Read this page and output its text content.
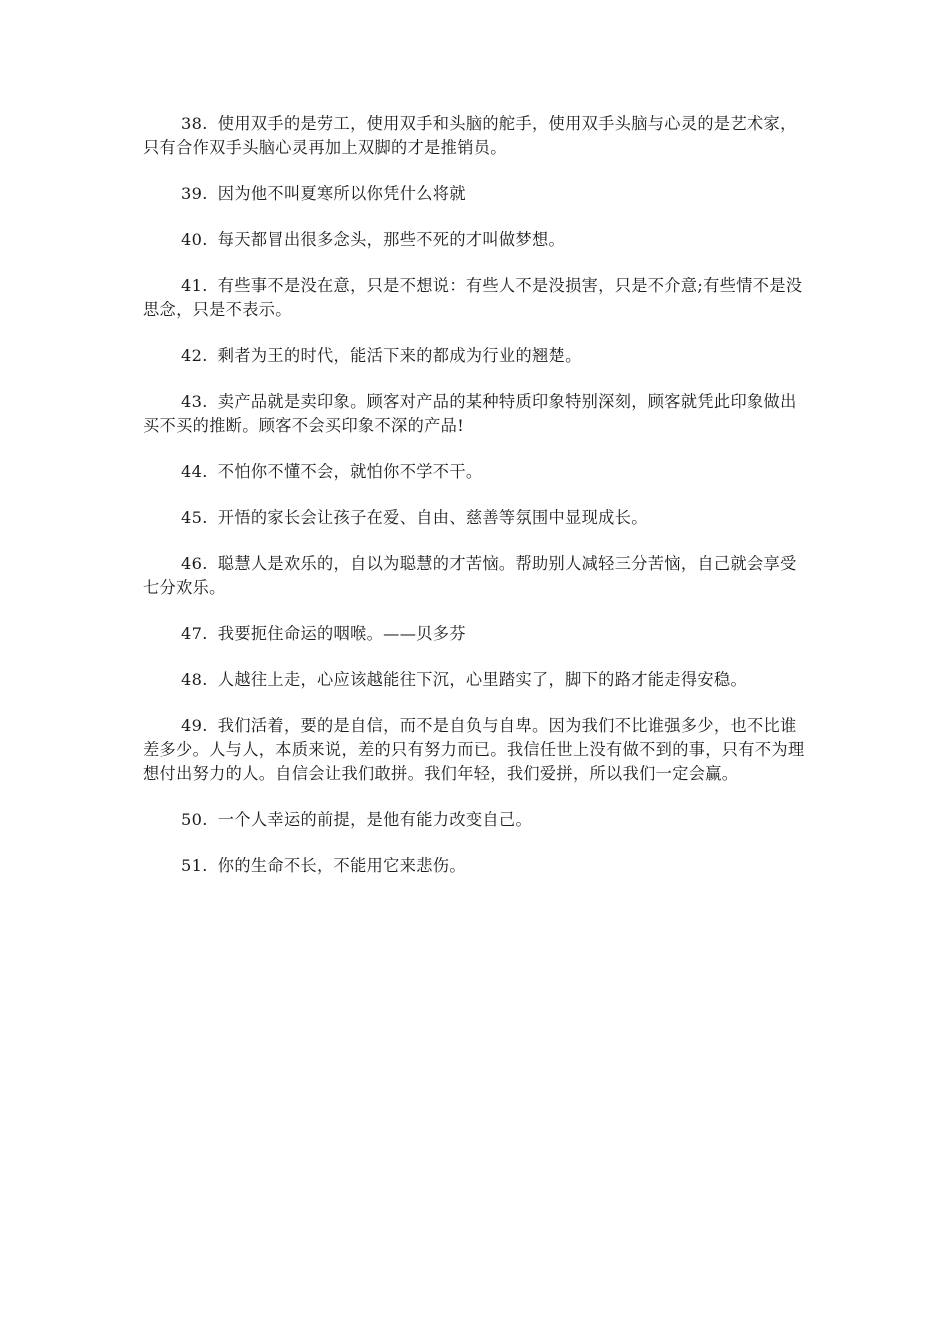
38. 使用双手的是劳工，使用双手和头脑的舵手，使用双手头脑与心灵的是艺术家，只有合作双手头脑心灵再加上双脚的才是推销员。

39. 因为他不叫夏寒所以你凭什么将就

40. 每天都冒出很多念头，那些不死的才叫做梦想。

41. 有些事不是没在意，只是不想说：有些人不是没损害，只是不介意;有些情不是没思念，只是不表示。

42. 剩者为王的时代，能活下来的都成为行业的翘楚。

43. 卖产品就是卖印象。顾客对产品的某种特质印象特别深刻，顾客就凭此印象做出买不买的推断。顾客不会买印象不深的产品!

44. 不怕你不懂不会，就怕你不学不干。

45. 开悟的家长会让孩子在爱、自由、慈善等氛围中显现成长。

46. 聪慧人是欢乐的，自以为聪慧的才苦恼。帮助别人减轻三分苦恼，自己就会享受七分欢乐。

47. 我要扼住命运的咽喉。——贝多芬

48. 人越往上走，心应该越能往下沉，心里踏实了，脚下的路才能走得安稳。

49. 我们活着，要的是自信，而不是自负与自卑。因为我们不比谁强多少，也不比谁差多少。人与人，本质来说，差的只有努力而已。我信任世上没有做不到的事，只有不为理想付出努力的人。自信会让我们敢拼。我们年轻，我们爱拼，所以我们一定会赢。

50. 一个人幸运的前提，是他有能力改变自己。

51. 你的生命不长，不能用它来悲伤。
